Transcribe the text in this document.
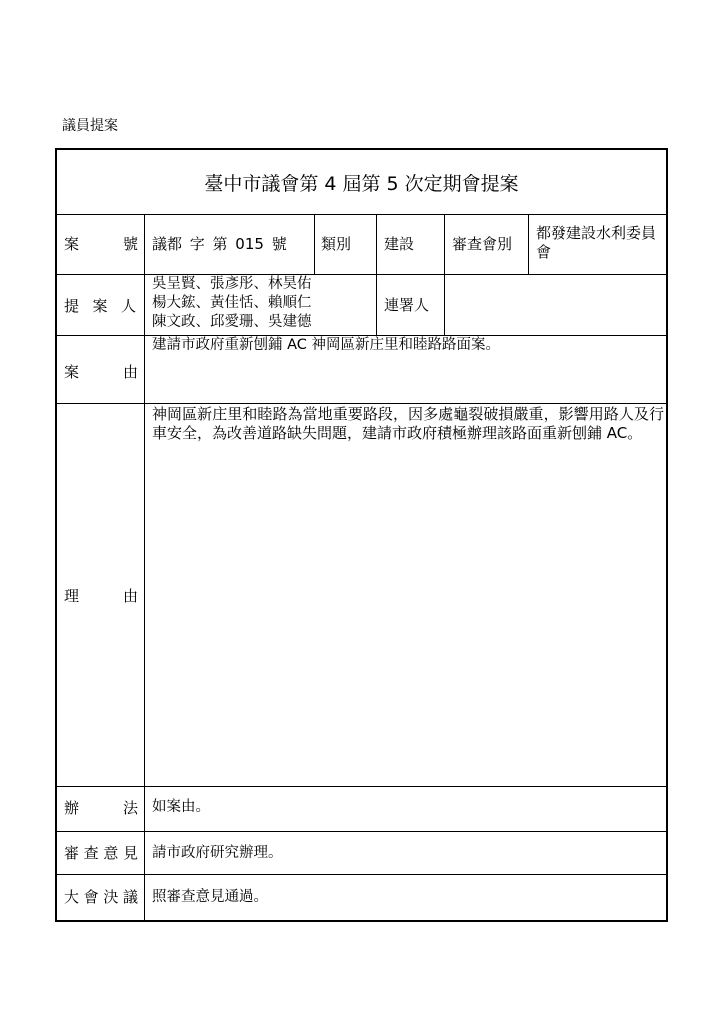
議員提案
臺中市議會第 4 屆第 5 次定期會提案
案號 議都 字 第 015 號 類別 建設	審查會別
都發建設水利委員會
提案人
吳呈賢、張彥彤、林昊佑
楊大鋐、黃佳恬、賴順仁
陳文政、邱愛珊、吳建德
連署人
案由
建請市政府重新刨鋪 AC 神岡區新庄里和睦路路面案。
理由
神岡區新庄里和睦路為當地重要路段，因多處龜裂破損嚴重，影響用路人及行車安全，為改善道路缺失問題，建請市政府積極辦理該路面重新刨鋪 AC。
辦法 如案由。
審查意見 請市政府研究辦理。
大會決議 照審查意見通過。
